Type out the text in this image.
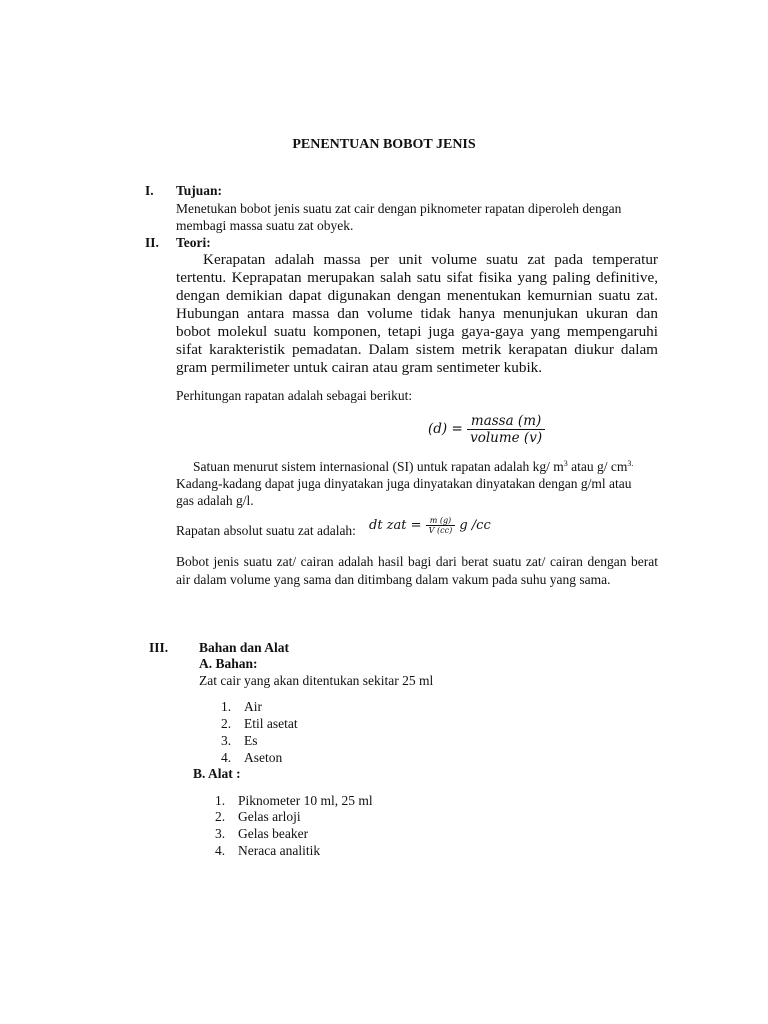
PENENTUAN BOBOT JENIS
I. Tujuan:
Menetukan bobot jenis suatu zat cair dengan piknometer rapatan diperoleh dengan
membagi massa suatu zat obyek.
II. Teori:

Kerapatan adalah massa per unit volume suatu zat pada temperatur tertentu. Keprapatan merupakan salah satu sifat fisika yang paling definitive, dengan demikian dapat digunakan dengan menentukan kemurnian suatu zat. Hubungan antara massa dan volume tidak hanya menunjukan ukuran dan bobot molekul suatu komponen, tetapi juga gaya-gaya yang mempengaruhi sifat karakteristik pemadatan. Dalam sistem metrik kerapatan diukur dalam gram permilimeter untuk cairan atau gram sentimeter kubik.

Perhitungan rapatan adalah sebagai berikut:
$(d) = \frac{\text{massa (m)}}{\text{volume (v)}}$
Satuan menurut sistem internasional (SI) untuk rapatan adalah kg/ $m^3$ atau g/ $cm^{3.}$
Kadang-kadang dapat juga dinyatakan juga dinyatakan dinyatakan dengan g/ml atau
gas adalah g/l.
Rapatan absolut suatu zat adalah: dt zat = $\frac{m (g)}{V (cc)}$ g /cc

Bobot jenis suatu zat/ cairan adalah hasil bagi dari berat suatu zat/ cairan dengan berat air dalam volume yang sama dan ditimbang dalam vakum pada suhu yang sama.

III. Bahan dan Alat
A. Bahan:
Zat cair yang akan ditentukan sekitar 25 ml
1. Air
2. Etil asetat
3. Es
4. Aseton
B. Alat :
1. Piknometer 10 ml, 25 ml
2. Gelas arloji
3. Gelas beaker
4. Neraca analitik
